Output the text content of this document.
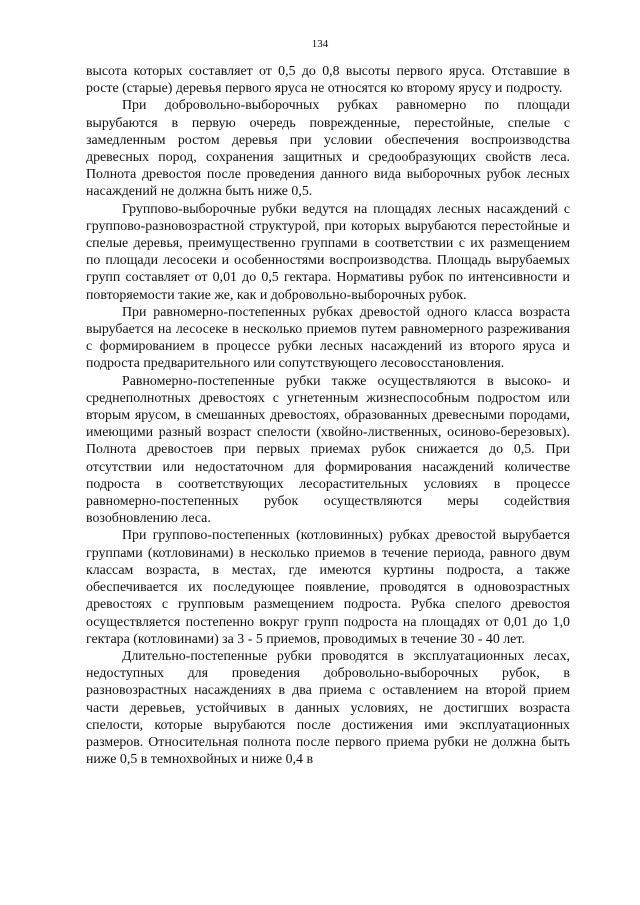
134

высота которых составляет от 0,5 до 0,8 высоты первого яруса. Отставшие в росте (старые) деревья первого яруса не относятся ко второму ярусу и подросту.

При добровольно-выборочных рубках равномерно по площади вырубаются в первую очередь поврежденные, перестойные, спелые с замедленным ростом деревья при условии обеспечения воспроизводства древесных пород, сохранения защитных и средообразующих свойств леса. Полнота древостоя после проведения данного вида выборочных рубок лесных насаждений не должна быть ниже 0,5.

Группово-выборочные рубки ведутся на площадях лесных насаждений с группово-разновозрастной структурой, при которых вырубаются перестойные и спелые деревья, преимущественно группами в соответствии с их размещением по площади лесосеки и особенностями воспроизводства. Площадь вырубаемых групп составляет от 0,01 до 0,5 гектара. Нормативы рубок по интенсивности и повторяемости такие же, как и добровольно-выборочных рубок.

При равномерно-постепенных рубках древостой одного класса возраста вырубается на лесосеке в несколько приемов путем равномерного разреживания с формированием в процессе рубки лесных насаждений из второго яруса и подроста предварительного или сопутствующего лесовосстановления.

Равномерно-постепенные рубки также осуществляются в высоко- и среднеполнотных древостоях с угнетенным жизнеспособным подростом или вторым ярусом, в смешанных древостоях, образованных древесными породами, имеющими разный возраст спелости (хвойно-лиственных, осиново-березовых). Полнота древостоев при первых приемах рубок снижается до 0,5. При отсутствии или недостаточном для формирования насаждений количестве подроста в соответствующих лесорастительных условиях в процессе равномерно-постепенных рубок осуществляются меры содействия возобновлению леса.

При группово-постепенных (котловинных) рубках древостой вырубается группами (котловинами) в несколько приемов в течение периода, равного двум классам возраста, в местах, где имеются куртины подроста, а также обеспечивается их последующее появление, проводятся в одновозрастных древостоях с групповым размещением подроста. Рубка спелого древостоя осуществляется постепенно вокруг групп подроста на площадях от 0,01 до 1,0 гектара (котловинами) за 3 - 5 приемов, проводимых в течение 30 - 40 лет.

Длительно-постепенные рубки проводятся в эксплуатационных лесах, недоступных для проведения добровольно-выборочных рубок, в разновозрастных насаждениях в два приема с оставлением на второй прием части деревьев, устойчивых в данных условиях, не достигших возраста спелости, которые вырубаются после достижения ими эксплуатационных размеров. Относительная полнота после первого приема рубки не должна быть ниже 0,5 в темнохвойных и ниже 0,4 в
